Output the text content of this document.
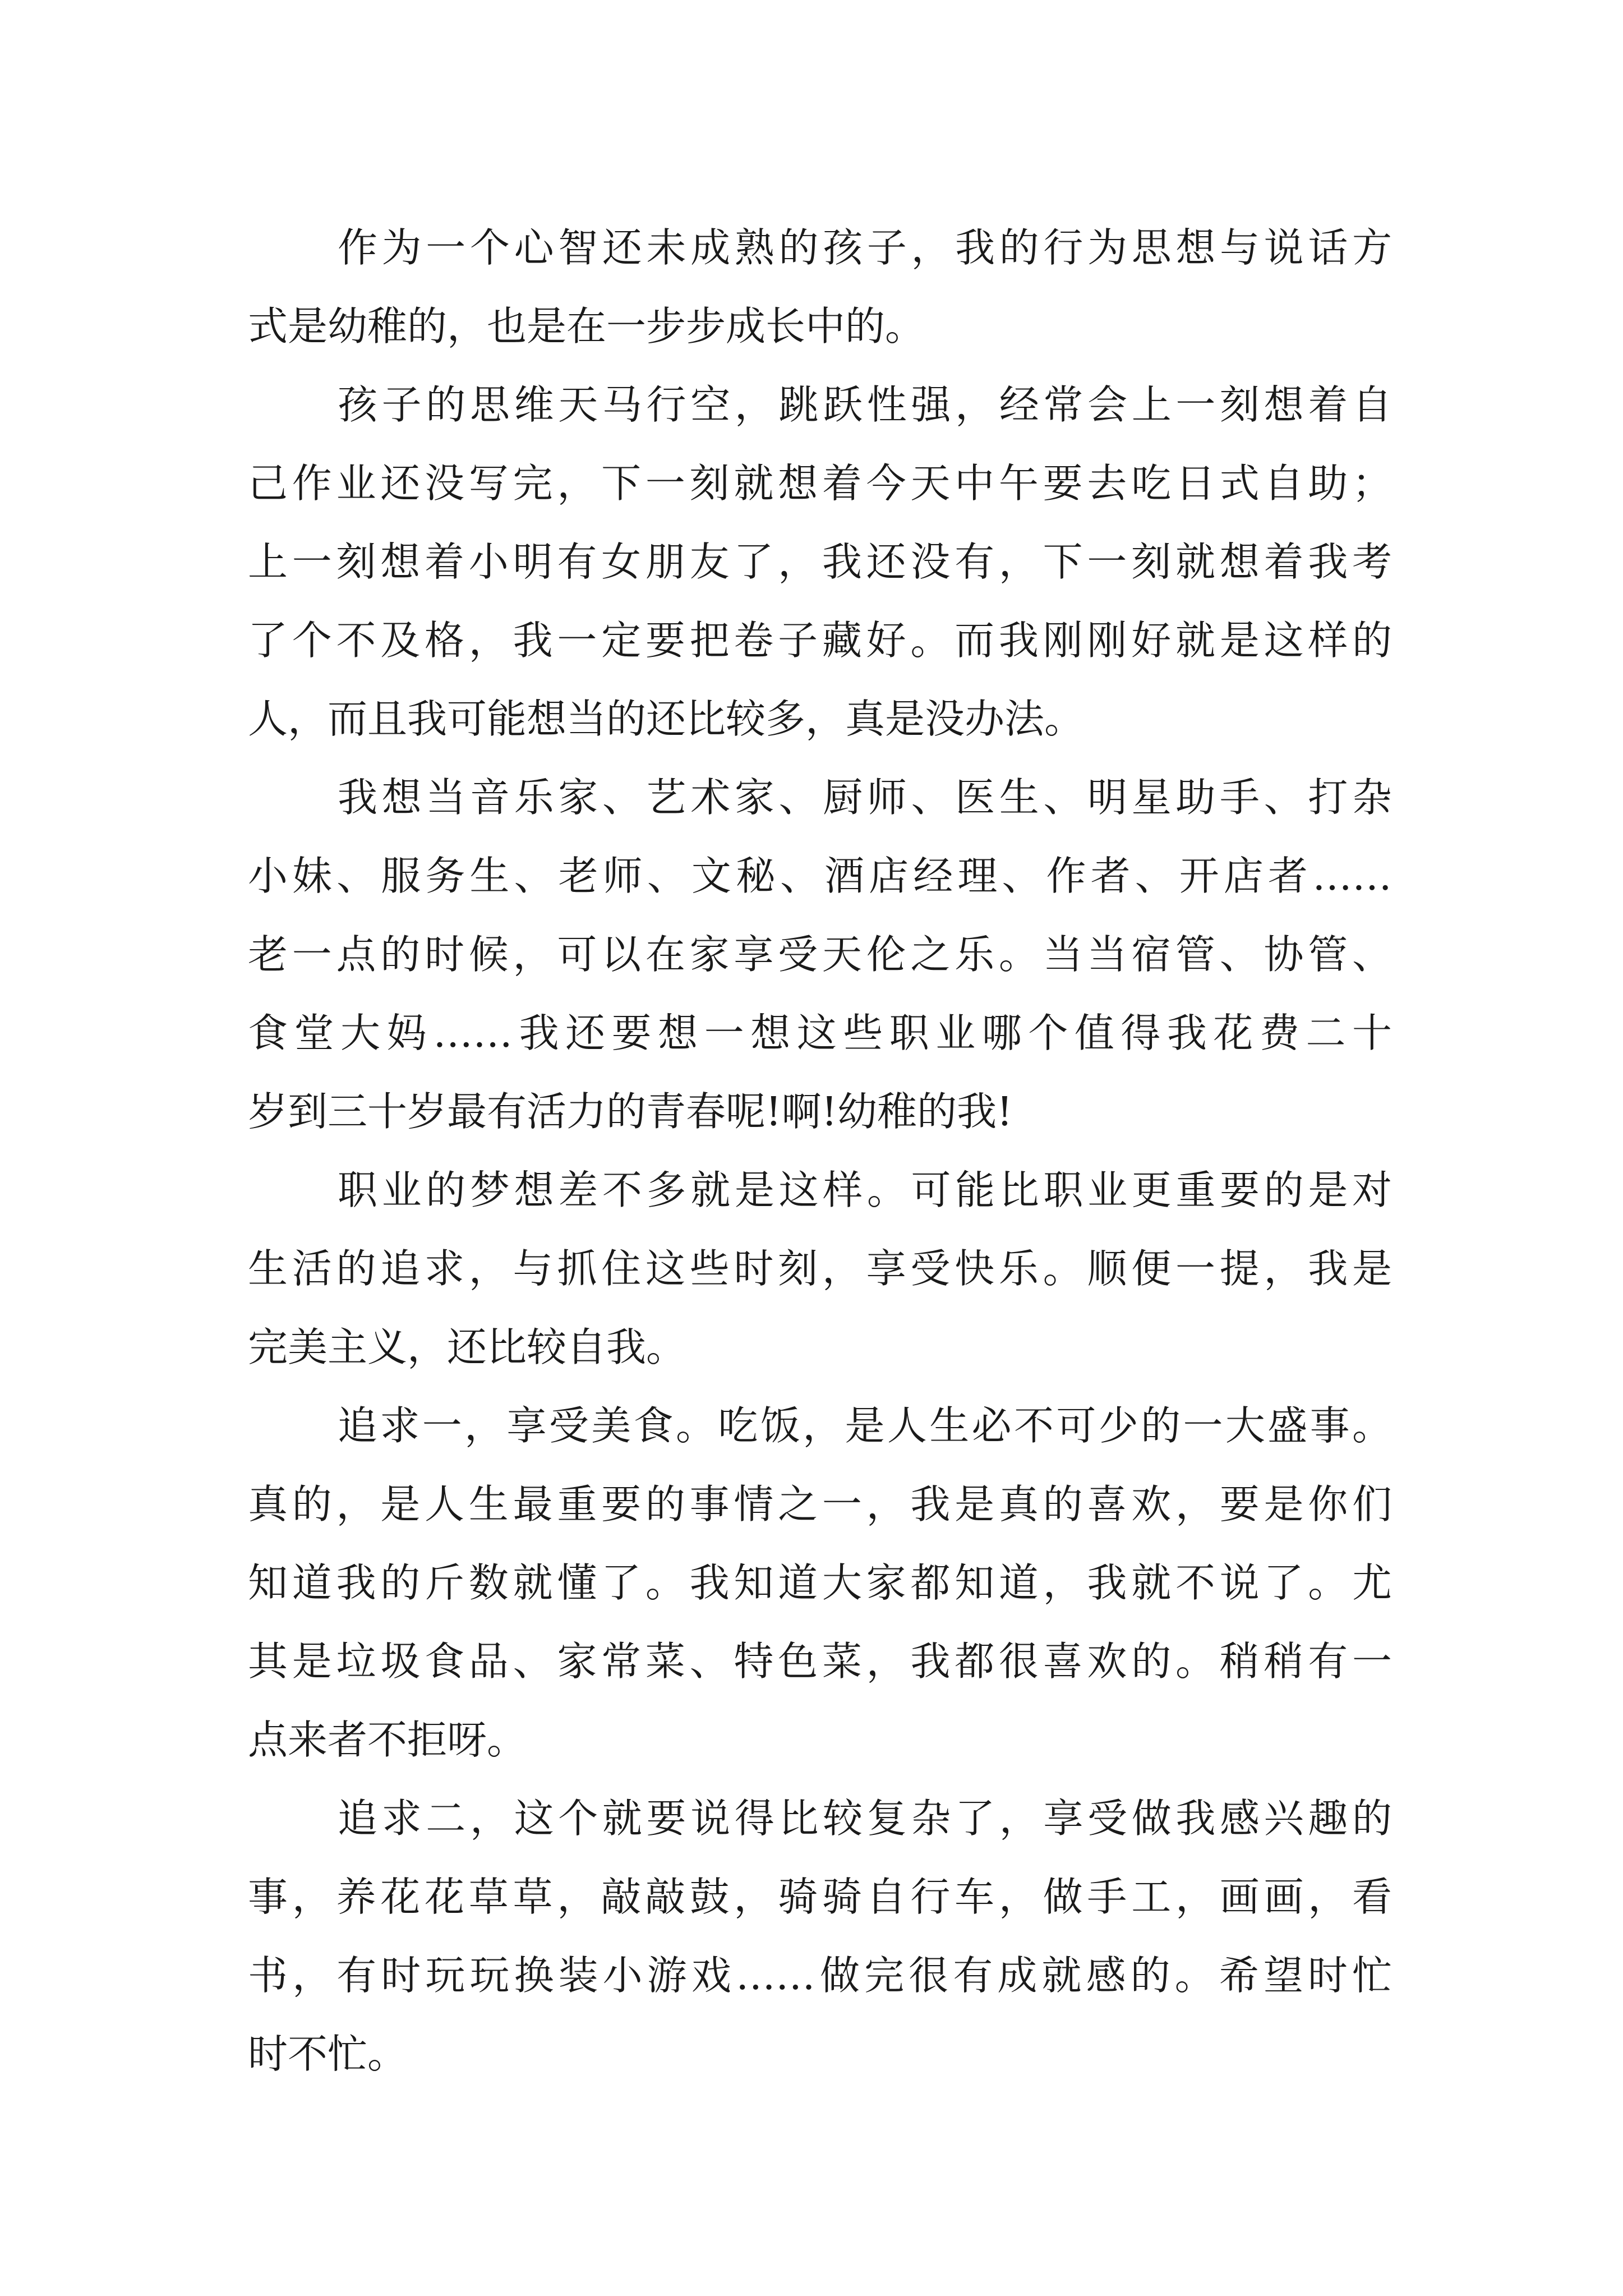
作为一个心智还未成熟的孩子，我的行为思想与说话方
式是幼稚的，也是在一步步成长中的。
孩子的思维天马行空，跳跃性强，经常会上一刻想着自
己作业还没写完，下一刻就想着今天中午要去吃日式自助；
上一刻想着小明有女朋友了，我还没有，下一刻就想着我考
了个不及格，我一定要把卷子藏好。而我刚刚好就是这样的
人，而且我可能想当的还比较多，真是没办法。
我想当音乐家、艺术家、厨师、医生、明星助手、打杂
小妹、服务生、老师、文秘、酒店经理、作者、开店者……
老一点的时候，可以在家享受天伦之乐。当当宿管、协管、
食堂大妈……我还要想一想这些职业哪个值得我花费二十
岁到三十岁最有活力的青春呢!啊!幼稚的我!
职业的梦想差不多就是这样。可能比职业更重要的是对
生活的追求，与抓住这些时刻，享受快乐。顺便一提，我是
完美主义，还比较自我。
追求一，享受美食。吃饭，是人生必不可少的一大盛事。
真的，是人生最重要的事情之一，我是真的喜欢，要是你们
知道我的斤数就懂了。我知道大家都知道，我就不说了。尤
其是垃圾食品、家常菜、特色菜，我都很喜欢的。稍稍有一
点来者不拒呀。
追求二，这个就要说得比较复杂了，享受做我感兴趣的
事，养花花草草，敲敲鼓，骑骑自行车，做手工，画画，看
书，有时玩玩换装小游戏……做完很有成就感的。希望时忙
时不忙。
